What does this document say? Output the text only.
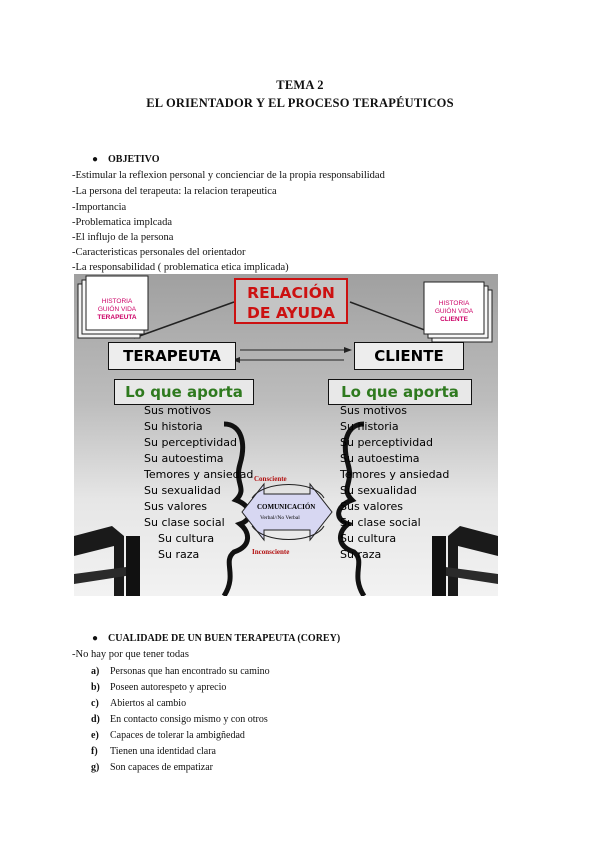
TEMA 2
EL ORIENTADOR Y EL PROCESO TERAPÉUTICOS
● OBJETIVO
-Estimular la reflexion personal y concienciar de la propia responsabilidad
-La persona del terapeuta: la relacion terapeutica
-Importancia
-Problematica implcada
-El influjo de la persona
-Caracteristicas personales del orientador
-La responsabilidad ( problematica etica implicada)
HISTORIA
GUIÓN VIDA
TERAPEUTA
HISTORIA
GUIÓN VIDA
CLIENTE
RELACIÓN
DE AYUDA
TERAPEUTA	CLIENTE
Lo que aporta	Lo que aporta
Consciente
COMUNICACIÓN
Verbal//No Verbal
Inconsciente
Sus motivos	Sus motivos
Su historia	Su historia
Su perceptividad	Su perceptividad
Su autoestima	Su autoestima
Temores y ansiedad	Temores y ansiedad
Su sexualidad	Su sexualidad
Sus valores	Sus valores
Su clase social	Su clase social
Su cultura	Su cultura
Su raza	Su raza
● CUALIDADE DE UN BUEN TERAPEUTA (COREY)
-No hay por que tener todas
a) Personas que han encontrado su camino
b) Poseen autorespeto y aprecio
c) Abiertos al cambio
d) En contacto consigo mismo y con otros
e) Capaces de tolerar la ambigñedad
f) Tienen una identidad clara
g) Son capaces de empatizar
